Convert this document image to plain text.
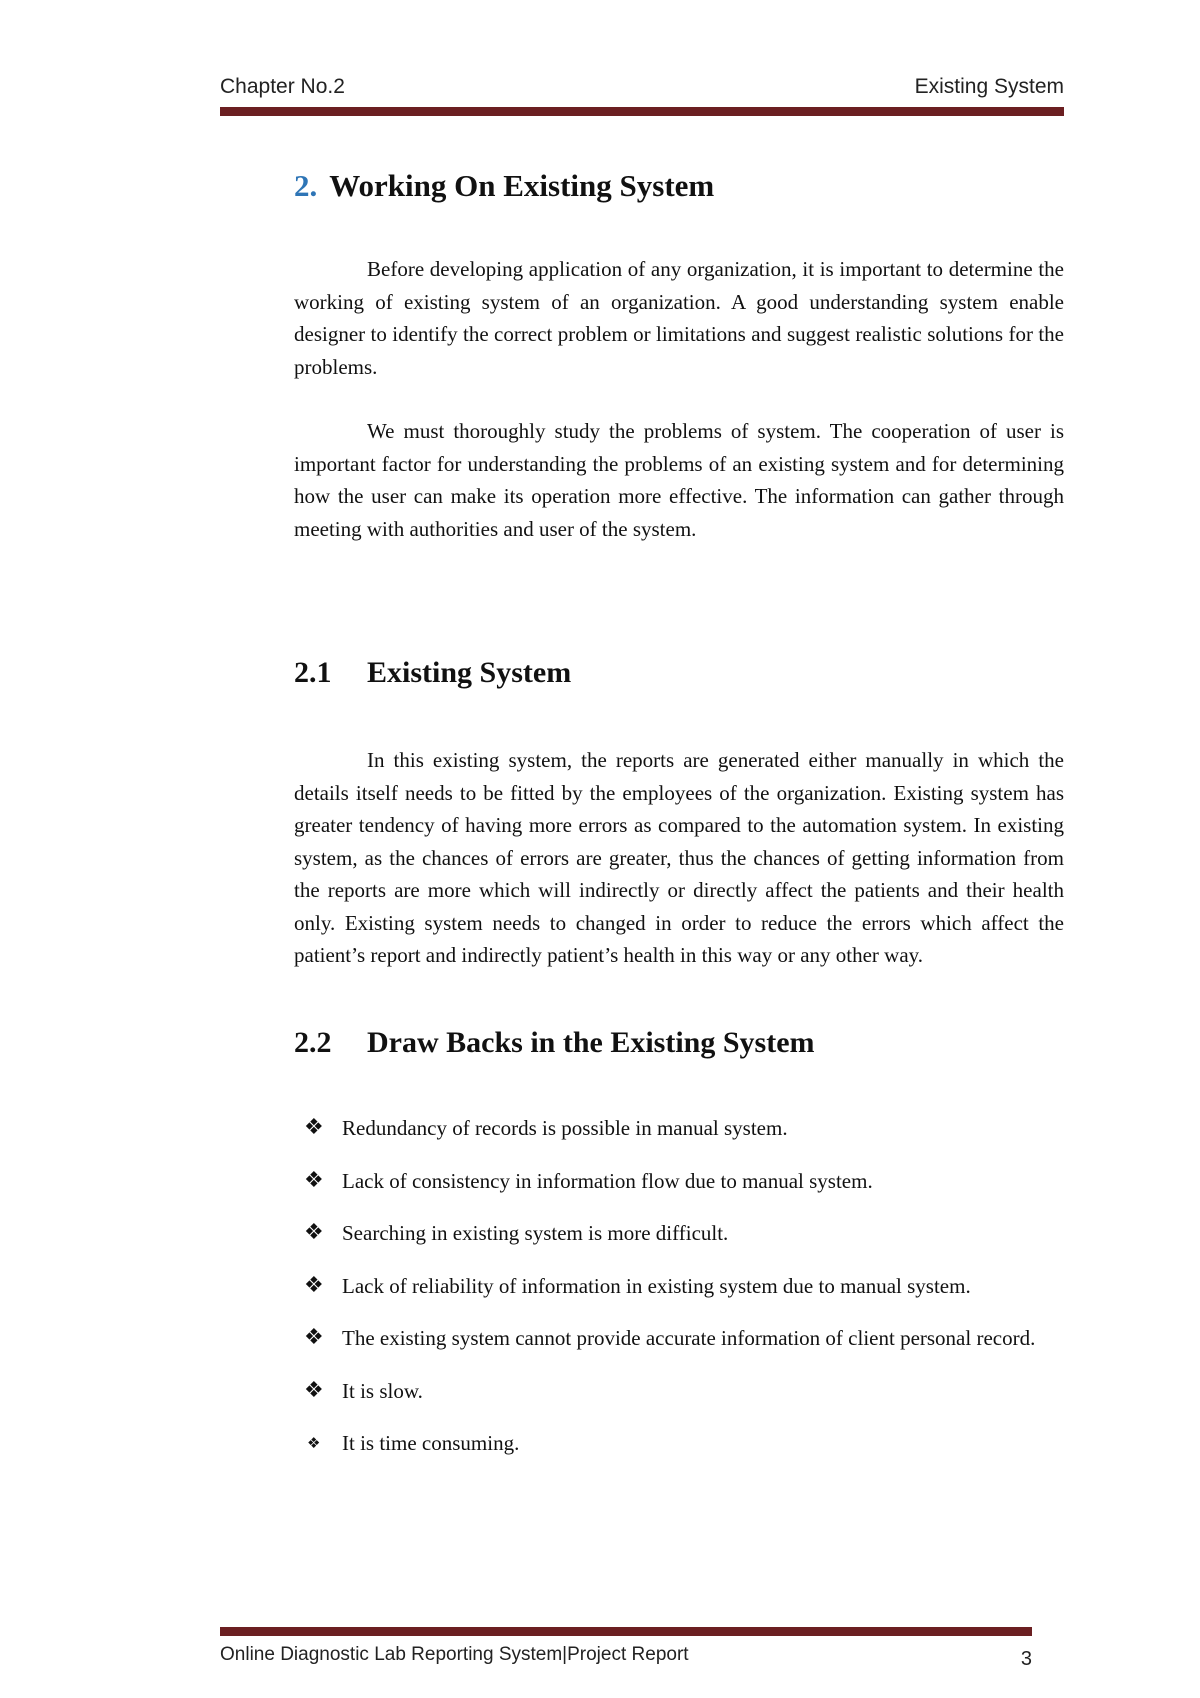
Chapter No.2	Existing System
2. Working On Existing System

Before developing application of any organization, it is important to determine the working of existing system of an organization. A good understanding system enable designer to identify the correct problem or limitations and suggest realistic solutions for the problems.

We must thoroughly study the problems of system. The cooperation of user is important factor for understanding the problems of an existing system and for determining how the user can make its operation more effective. The information can gather through meeting with authorities and user of the system.

2.1 Existing System

In this existing system, the reports are generated either manually in which the details itself needs to be fitted by the employees of the organization. Existing system has greater tendency of having more errors as compared to the automation system. In existing system, as the chances of errors are greater, thus the chances of getting information from the reports are more which will indirectly or directly affect the patients and their health only. Existing system needs to changed in order to reduce the errors which affect the patient’s report and indirectly patient’s health in this way or any other way.

2.2 Draw Backs in the Existing System
❖ Redundancy of records is possible in manual system.
❖ Lack of consistency in information flow due to manual system.
❖ Searching in existing system is more difficult.
❖ Lack of reliability of information in existing system due to manual system.
❖ The existing system cannot provide accurate information of client personal record.
❖ It is slow.
❖ It is time consuming.
Online Diagnostic Lab Reporting System|Project Report	3
